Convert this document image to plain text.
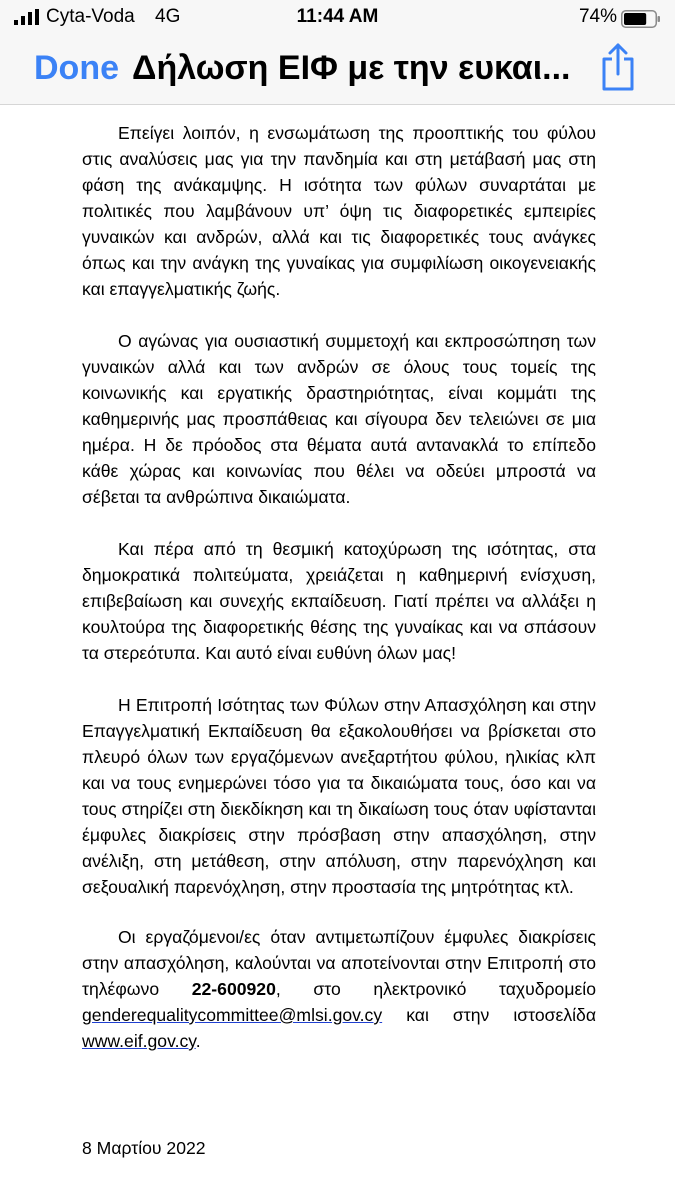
Cyta-Voda 4G	11:44 AM	74%
Done Δήλωση ΕΙΦ με την ευκαι...

Επείγει λοιπόν, η ενσωμάτωση της προοπτικής του φύλου στις αναλύσεις μας για την πανδημία και στη μετάβασή μας στη φάση της ανάκαμψης. Η ισότητα των φύλων συναρτάται με πολιτικές που λαμβάνουν υπ’ όψη τις διαφορετικές εμπειρίες γυναικών και ανδρών, αλλά και τις διαφορετικές τους ανάγκες όπως και την ανάγκη της γυναίκας για συμφιλίωση οικογενειακής και επαγγελματικής ζωής.

Ο αγώνας για ουσιαστική συμμετοχή και εκπροσώπηση των γυναικών αλλά και των ανδρών σε όλους τους τομείς της κοινωνικής και εργατικής δραστηριότητας, είναι κομμάτι της καθημερινής μας προσπάθειας και σίγουρα δεν τελειώνει σε μια ημέρα. Η δε πρόοδος στα θέματα αυτά αντανακλά το επίπεδο κάθε χώρας και κοινωνίας που θέλει να οδεύει μπροστά να σέβεται τα ανθρώπινα δικαιώματα.

Και πέρα από τη θεσμική κατοχύρωση της ισότητας, στα δημοκρατικά πολιτεύματα, χρειάζεται η καθημερινή ενίσχυση, επιβεβαίωση και συνεχής εκπαίδευση. Γιατί πρέπει να αλλάξει η κουλτούρα της διαφορετικής θέσης της γυναίκας και να σπάσουν τα στερεότυπα. Και αυτό είναι ευθύνη όλων μας!

Η Επιτροπή Ισότητας των Φύλων στην Απασχόληση και στην Επαγγελματική Εκπαίδευση θα εξακολουθήσει να βρίσκεται στο πλευρό όλων των εργαζόμενων ανεξαρτήτου φύλου, ηλικίας κλπ και να τους ενημερώνει τόσο για τα δικαιώματα τους, όσο και να τους στηρίζει στη διεκδίκηση και τη δικαίωση τους όταν υφίστανται έμφυλες διακρίσεις στην πρόσβαση στην απασχόληση, στην ανέλιξη, στη μετάθεση, στην απόλυση, στην παρενόχληση και σεξουαλική παρενόχληση, στην προστασία της μητρότητας κτλ.

Οι εργαζόμενοι/ες όταν αντιμετωπίζουν έμφυλες διακρίσεις στην απασχόληση, καλούνται να αποτείνονται στην Επιτροπή στο τηλέφωνο 22-600920, στο ηλεκτρονικό ταχυδρομείο genderequalitycommittee@mlsi.gov.cy και στην ιστοσελίδα www.eif.gov.cy.

8 Μαρτίου 2022
